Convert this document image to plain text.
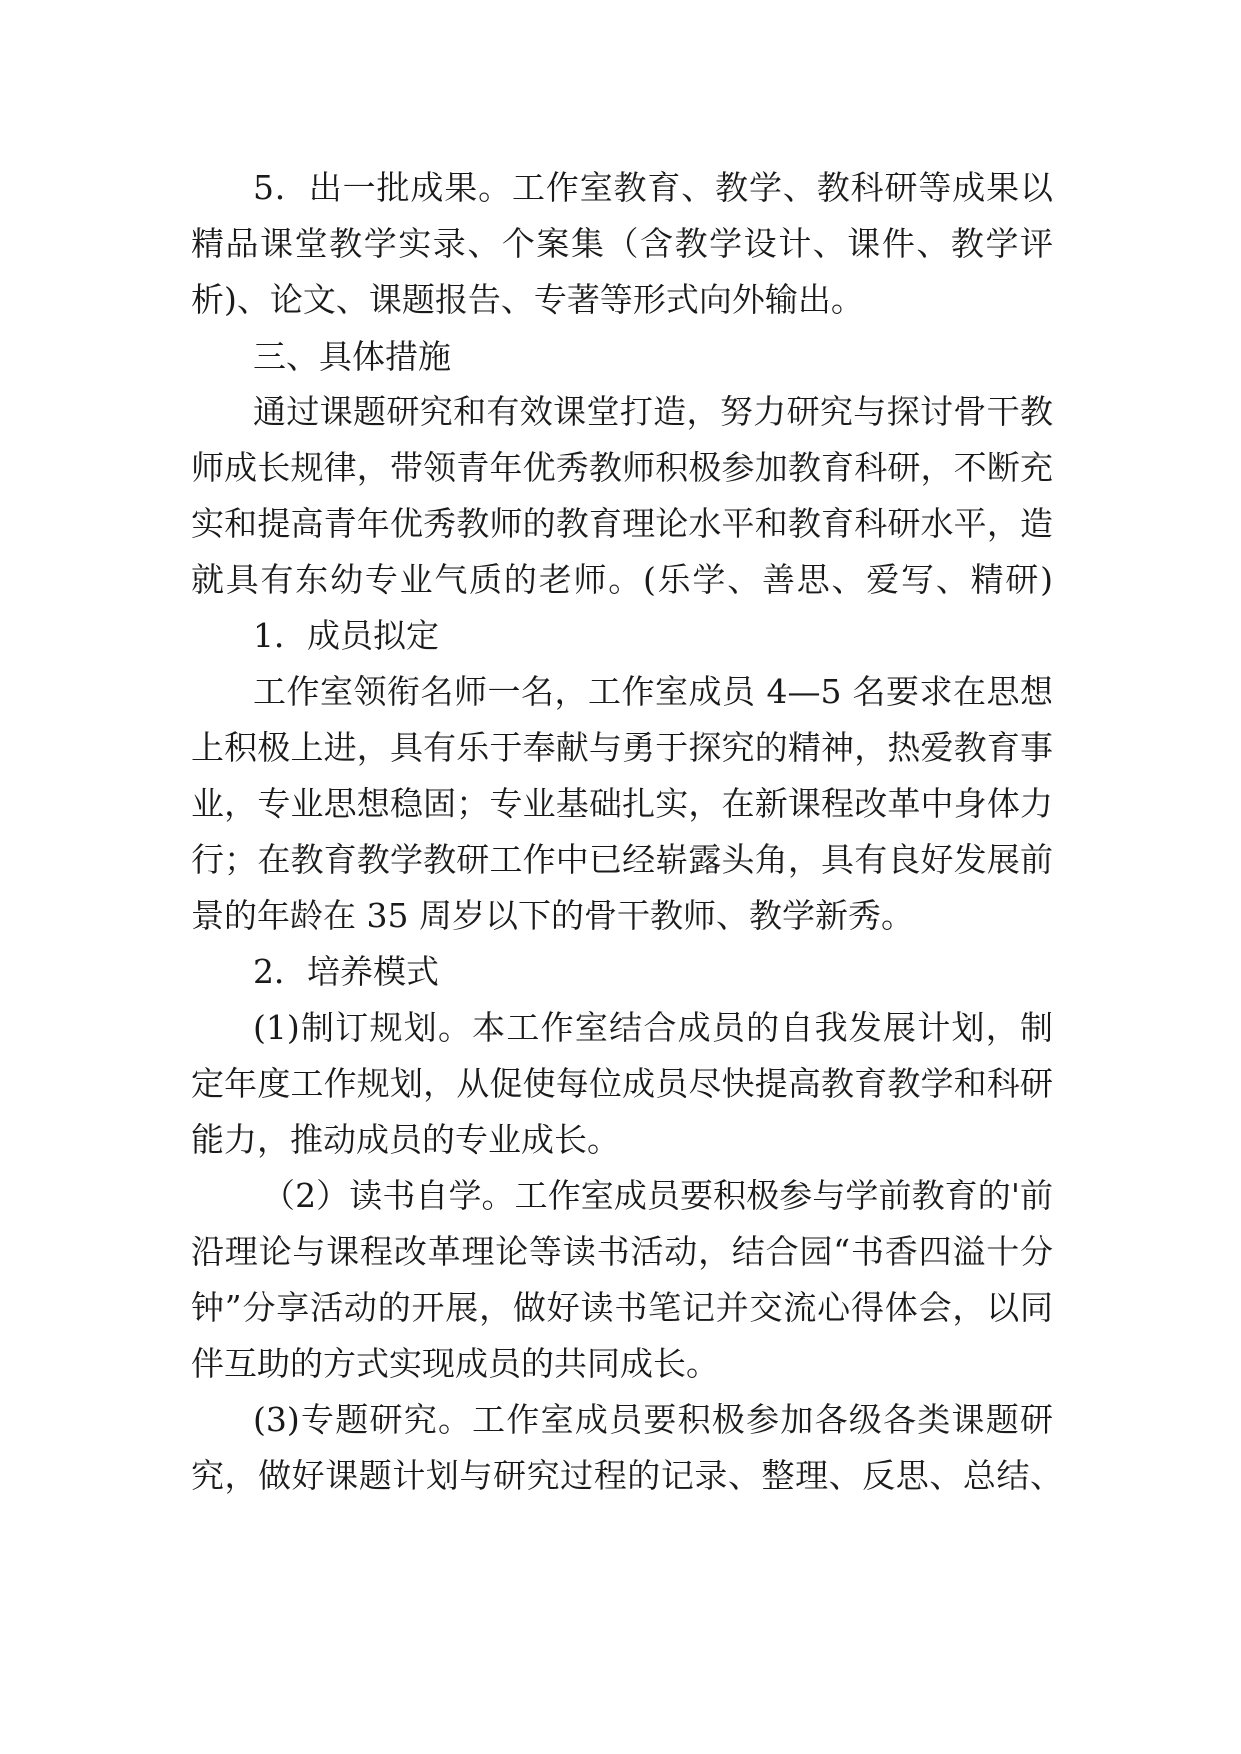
5．出一批成果。工作室教育、教学、教科研等成果以
精品课堂教学实录、个案集（含教学设计、课件、教学评
析)、论文、课题报告、专著等形式向外输出。
三、具体措施
通过课题研究和有效课堂打造，努力研究与探讨骨干教
师成长规律，带领青年优秀教师积极参加教育科研，不断充
实和提高青年优秀教师的教育理论水平和教育科研水平，造
就具有东幼专业气质的老师。(乐学、善思、爱写、精研)
1．成员拟定
工作室领衔名师一名，工作室成员 4—5 名要求在思想
上积极上进，具有乐于奉献与勇于探究的精神，热爱教育事
业，专业思想稳固；专业基础扎实，在新课程改革中身体力
行；在教育教学教研工作中已经崭露头角，具有良好发展前
景的年龄在 35 周岁以下的骨干教师、教学新秀。
2．培养模式
(1)制订规划。本工作室结合成员的自我发展计划，制
定年度工作规划，从促使每位成员尽快提高教育教学和科研
能力，推动成员的专业成长。
（2）读书自学。工作室成员要积极参与学前教育的'前
沿理论与课程改革理论等读书活动，结合园“书香四溢十分
钟”分享活动的开展，做好读书笔记并交流心得体会，以同
伴互助的方式实现成员的共同成长。
(3)专题研究。工作室成员要积极参加各级各类课题研
究，做好课题计划与研究过程的记录、整理、反思、总结、
